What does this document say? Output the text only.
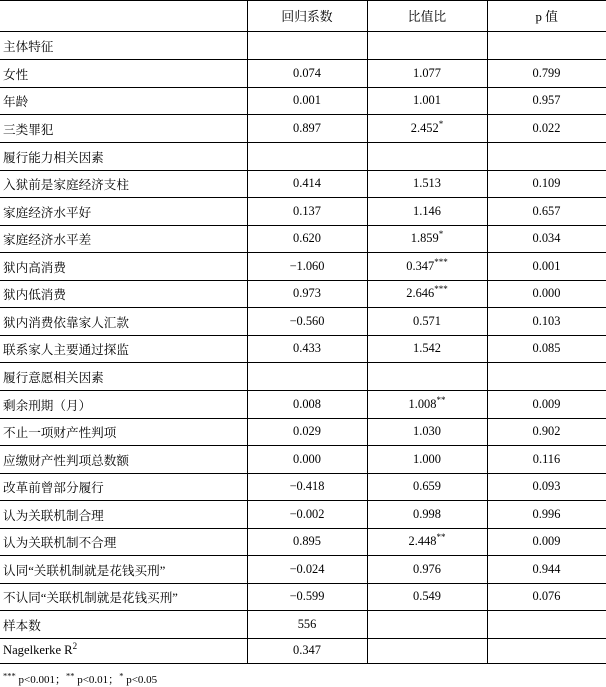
	回归系数	比值比	p 值
主体特征			
女性	0.074	1.077	0.799
年龄	0.001	1.001	0.957
三类罪犯	0.897	2.452*	0.022
履行能力相关因素			
入狱前是家庭经济支柱	0.414	1.513	0.109
家庭经济水平好	0.137	1.146	0.657
家庭经济水平差	0.620	1.859*	0.034
狱内高消费	−1.060	0.347***	0.001
狱内低消费	0.973	2.646***	0.000
狱内消费依靠家人汇款	−0.560	0.571	0.103
联系家人主要通过探监	0.433	1.542	0.085
履行意愿相关因素			
剩余刑期（月）	0.008	1.008**	0.009
不止一项财产性判项	0.029	1.030	0.902
应缴财产性判项总数额	0.000	1.000	0.116
改革前曾部分履行	−0.418	0.659	0.093
认为关联机制合理	−0.002	0.998	0.996
认为关联机制不合理	0.895	2.448**	0.009
认同“关联机制就是花钱买刑”	−0.024	0.976	0.944
不认同“关联机制就是花钱买刑”	−0.599	0.549	0.076
样本数	556		
Nagelkerke $R^2$	0.347		
*** p<0.001；** p<0.01；* p<0.05
